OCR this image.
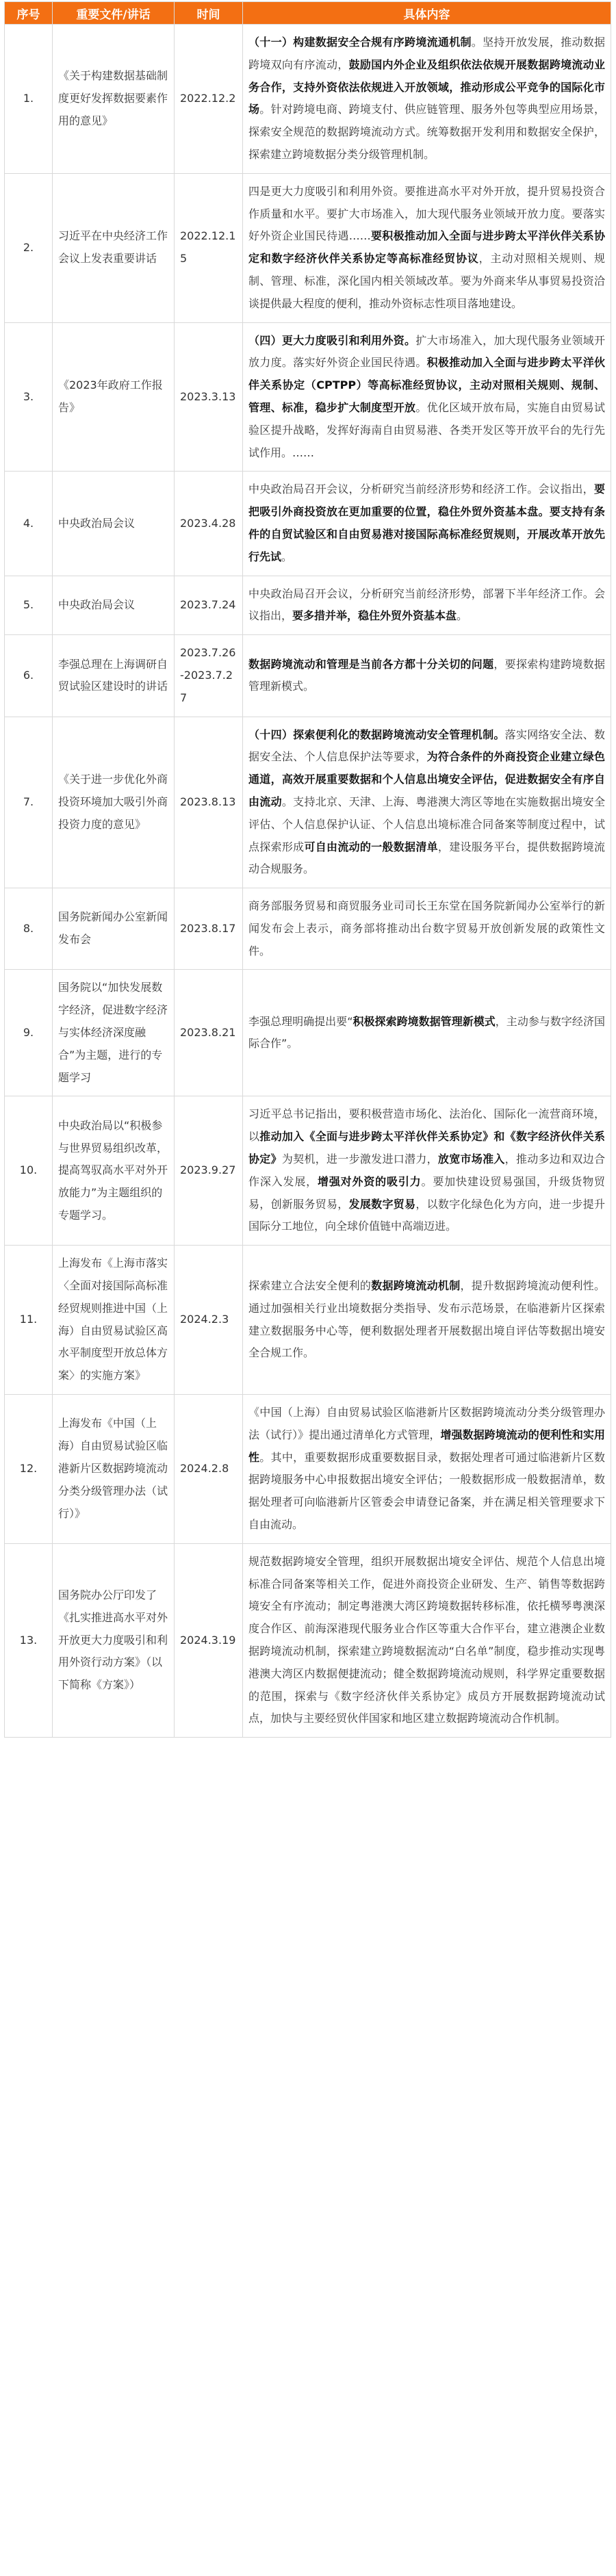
序号	重要文件/讲话	时间	具体内容
1.	《关于构建数据基础制度更好发挥数据要素作用的意见》	2022.12.2	（十一）构建数据安全合规有序跨境流通机制。坚持开放发展，推动数据跨境双向有序流动，鼓励国内外企业及组织依法依规开展数据跨境流动业务合作，支持外资依法依规进入开放领域，推动形成公平竞争的国际化市场。针对跨境电商、跨境支付、供应链管理、服务外包等典型应用场景，探索安全规范的数据跨境流动方式。统筹数据开发利用和数据安全保护，探索建立跨境数据分类分级管理机制。
2.	习近平在中央经济工作会议上发表重要讲话	2022.12.15	四是更大力度吸引和利用外资。要推进高水平对外开放，提升贸易投资合作质量和水平。要扩大市场准入，加大现代服务业领域开放力度。要落实好外资企业国民待遇……要积极推动加入全面与进步跨太平洋伙伴关系协定和数字经济伙伴关系协定等高标准经贸协议，主动对照相关规则、规制、管理、标准，深化国内相关领域改革。要为外商来华从事贸易投资洽谈提供最大程度的便利，推动外资标志性项目落地建设。
3.	《2023年政府工作报告》	2023.3.13	（四）更大力度吸引和利用外资。扩大市场准入，加大现代服务业领域开放力度。落实好外资企业国民待遇。积极推动加入全面与进步跨太平洋伙伴关系协定（CPTPP）等高标准经贸协议，主动对照相关规则、规制、管理、标准，稳步扩大制度型开放。优化区域开放布局，实施自由贸易试验区提升战略，发挥好海南自由贸易港、各类开发区等开放平台的先行先试作用。……
4.	中央政治局会议	2023.4.28	中央政治局召开会议，分析研究当前经济形势和经济工作。会议指出，要把吸引外商投资放在更加重要的位置，稳住外贸外资基本盘。要支持有条件的自贸试验区和自由贸易港对接国际高标准经贸规则，开展改革开放先行先试。
5.	中央政治局会议	2023.7.24	中央政治局召开会议，分析研究当前经济形势，部署下半年经济工作。会议指出，要多措并举，稳住外贸外资基本盘。
6.	李强总理在上海调研自贸试验区建设时的讲话	2023.7.26-2023.7.27	数据跨境流动和管理是当前各方都十分关切的问题，要探索构建跨境数据管理新模式。
7.	《关于进一步优化外商投资环境加大吸引外商投资力度的意见》	2023.8.13	（十四）探索便利化的数据跨境流动安全管理机制。落实网络安全法、数据安全法、个人信息保护法等要求，为符合条件的外商投资企业建立绿色通道，高效开展重要数据和个人信息出境安全评估，促进数据安全有序自由流动。支持北京、天津、上海、粤港澳大湾区等地在实施数据出境安全评估、个人信息保护认证、个人信息出境标准合同备案等制度过程中，试点探索形成可自由流动的一般数据清单，建设服务平台，提供数据跨境流动合规服务。
8.	国务院新闻办公室新闻发布会	2023.8.17	商务部服务贸易和商贸服务业司司长王东堂在国务院新闻办公室举行的新闻发布会上表示，商务部将推动出台数字贸易开放创新发展的政策性文件。
9.	国务院以“加快发展数字经济，促进数字经济与实体经济深度融合”为主题，进行的专题学习	2023.8.21	李强总理明确提出要“积极探索跨境数据管理新模式，主动参与数字经济国际合作”。
10.	中央政治局以“积极参与世界贸易组织改革，提高驾驭高水平对外开放能力”为主题组织的专题学习。	2023.9.27	习近平总书记指出，要积极营造市场化、法治化、国际化一流营商环境，以推动加入《全面与进步跨太平洋伙伴关系协定》和《数字经济伙伴关系协定》为契机，进一步激发进口潜力，放宽市场准入，推动多边和双边合作深入发展，增强对外资的吸引力。要加快建设贸易强国，升级货物贸易，创新服务贸易，发展数字贸易，以数字化绿色化为方向，进一步提升国际分工地位，向全球价值链中高端迈进。
11.	上海发布《上海市落实〈全面对接国际高标准经贸规则推进中国（上海）自由贸易试验区高水平制度型开放总体方案〉的实施方案》	2024.2.3	探索建立合法安全便利的数据跨境流动机制，提升数据跨境流动便利性。通过加强相关行业出境数据分类指导、发布示范场景，在临港新片区探索建立数据服务中心等，便利数据处理者开展数据出境自评估等数据出境安全合规工作。
12.	上海发布《中国（上海）自由贸易试验区临港新片区数据跨境流动分类分级管理办法（试行）》	2024.2.8	《中国（上海）自由贸易试验区临港新片区数据跨境流动分类分级管理办法（试行）》提出通过清单化方式管理，增强数据跨境流动的便利性和实用性。其中，重要数据形成重要数据目录，数据处理者可通过临港新片区数据跨境服务中心申报数据出境安全评估；一般数据形成一般数据清单，数据处理者可向临港新片区管委会申请登记备案，并在满足相关管理要求下自由流动。
13.	国务院办公厅印发了《扎实推进高水平对外开放更大力度吸引和利用外资行动方案》（以下简称《方案》）	2024.3.19	规范数据跨境安全管理，组织开展数据出境安全评估、规范个人信息出境标准合同备案等相关工作，促进外商投资企业研发、生产、销售等数据跨境安全有序流动；制定粤港澳大湾区跨境数据转移标准，依托横琴粤澳深度合作区、前海深港现代服务业合作区等重大合作平台，建立港澳企业数据跨境流动机制，探索建立跨境数据流动“白名单”制度，稳步推动实现粤港澳大湾区内数据便捷流动；健全数据跨境流动规则，科学界定重要数据的范围，探索与《数字经济伙伴关系协定》成员方开展数据跨境流动试点，加快与主要经贸伙伴国家和地区建立数据跨境流动合作机制。
